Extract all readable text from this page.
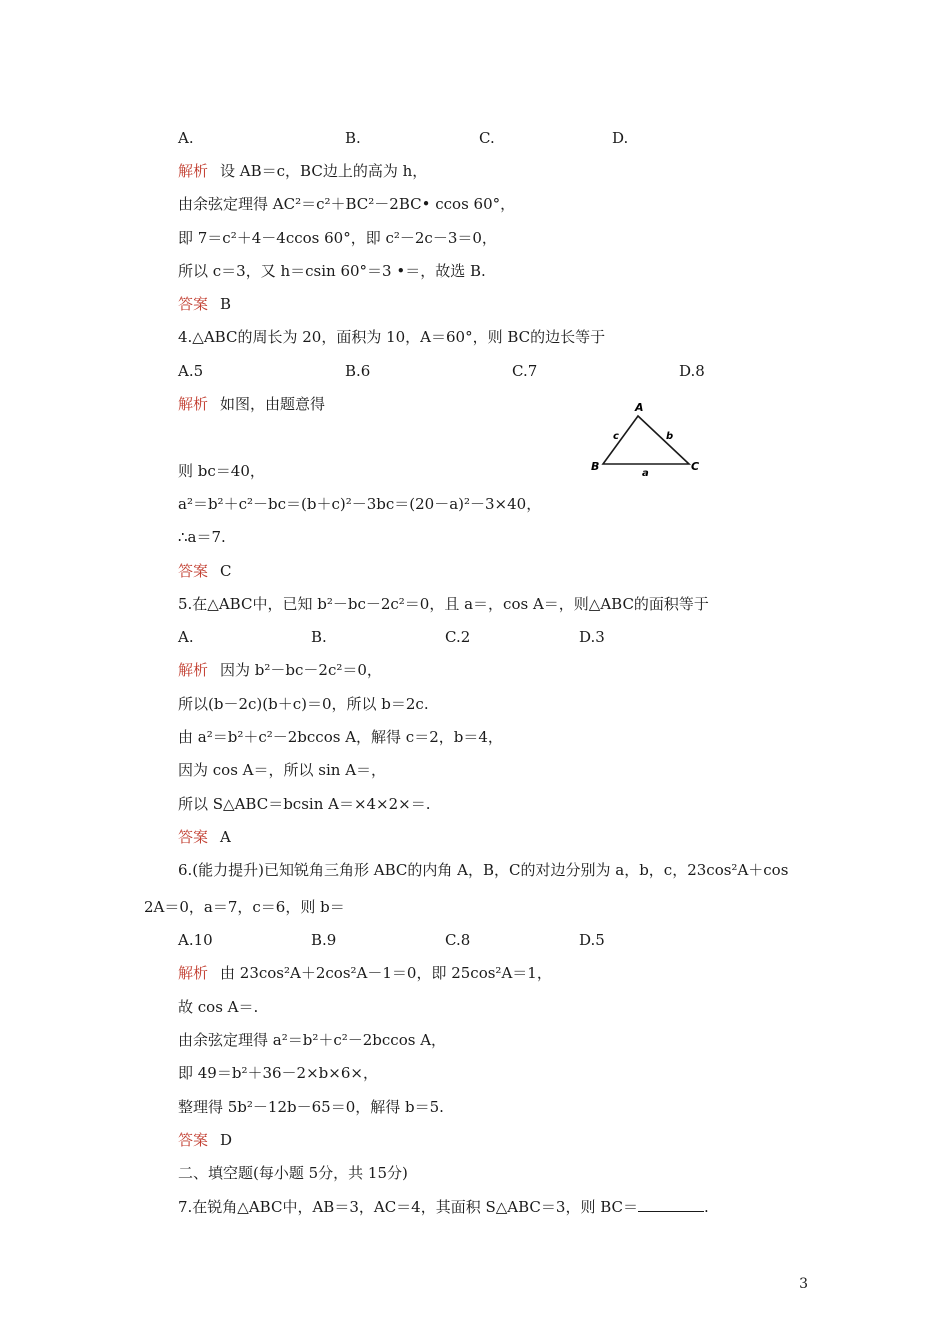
A.	B.	C.	D.
解析 设 AB＝c，BC边上的高为 h，
由余弦定理得 AC²＝c²＋BC²－2BC• ccos 60°，
即 7＝c²＋4－4ccos 60°，即 c²－2c－3＝0，
所以 c＝3，又 h＝csin 60°＝3 •＝，故选 B.
答案 B
4.△ABC的周长为 20，面积为 10，A＝60°，则 BC的边长等于
A.5	B.6	C.7	D.8
解析 如图，由题意得	A
B	C
c	b
a
则 bc＝40，
a²＝b²＋c²－bc＝(b＋c)²－3bc＝(20－a)²－3×40，
∴a＝7.
答案 C
5.在△ABC中，已知 b²－bc－2c²＝0，且 a＝，cos A＝，则△ABC的面积等于
A.	B.	C.2	D.3
解析 因为 b²－bc－2c²＝0，
所以(b－2c)(b＋c)＝0，所以 b＝2c.
由 a²＝b²＋c²－2bccos A，解得 c＝2，b＝4，
因为 cos A＝，所以 sin A＝，
所以 S△ABC＝bcsin A＝×4×2×＝.
答案 A
6.(能力提升)已知锐角三角形 ABC的内角 A，B，C的对边分别为 a，b，c，23cos²A＋cos
2A＝0，a＝7，c＝6，则 b＝
A.10	B.9	C.8	D.5
解析 由 23cos²A＋2cos²A－1＝0，即 25cos²A＝1，
故 cos A＝.
由余弦定理得 a²＝b²＋c²－2bccos A，
即 49＝b²＋36－2×b×6×，
整理得 5b²－12b－65＝0，解得 b＝5.
答案 D
二、填空题(每小题 5分，共 15分)
7.在锐角△ABC中，AB＝3，AC＝4，其面积 S△ABC＝3，则 BC＝	.
3
